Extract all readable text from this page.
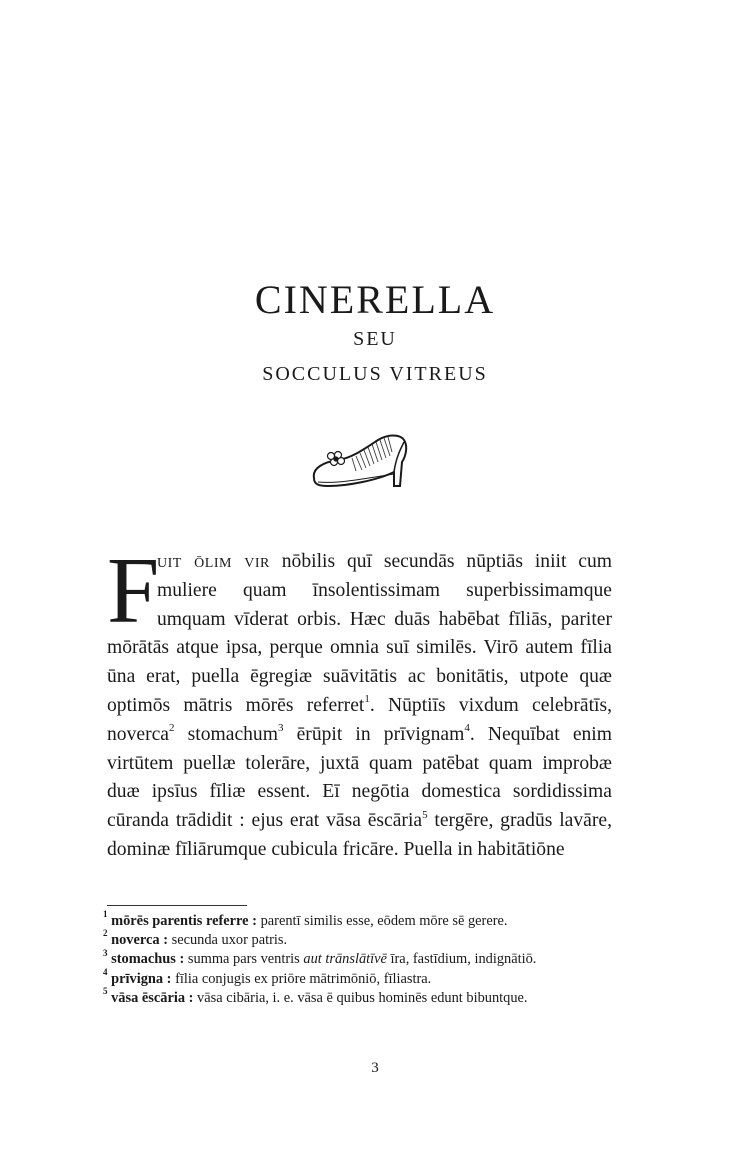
CINERELLA
SEU
SOCCULUS VITREUS
F
uit ōlim vir nōbilis quī secundās nūptiās iniit cum
muliere quam īnsolentissimam superbissimamque
umquam vīderat orbis. Hæc duās habēbat fīliās, pariter
mōrātās atque ipsa, perque omnia suī similēs. Virō autem fīlia
ūna erat, puella ēgregiæ suāvitātis ac bonitātis, utpote quæ
optimōs mātris mōrēs referret$^1$. Nūptiīs vixdum celebrātīs,
noverca$^2$ stomachum$^3$ ērūpit in prīvignam$^4$. Nequībat enim
virtūtem puellæ tolerāre, juxtā quam patēbat quam improbæ
duæ ipsīus fīliæ essent. Eī negōtia domestica sordidissima
cūranda trādidit : ejus erat vāsa ēscāria$^5$ tergēre, gradūs lavāre,
dominæ fīliārumque cubicula fricāre. Puella in habitātiōne
$^1$ mōrēs parentis referre : parentī similis esse, eōdem mōre sē gerere.
$^2$ noverca : secunda uxor patris.
$^3$ stomachus : summa pars ventris aut trānslātīvē īra, fastīdium, indignātiō.
$^4$ prīvigna : fīlia conjugis ex priōre mātrimōniō, fīliastra.
$^5$ vāsa ēscāria : vāsa cibāria, i. e. vāsa ē quibus hominēs edunt bibuntque.
3
